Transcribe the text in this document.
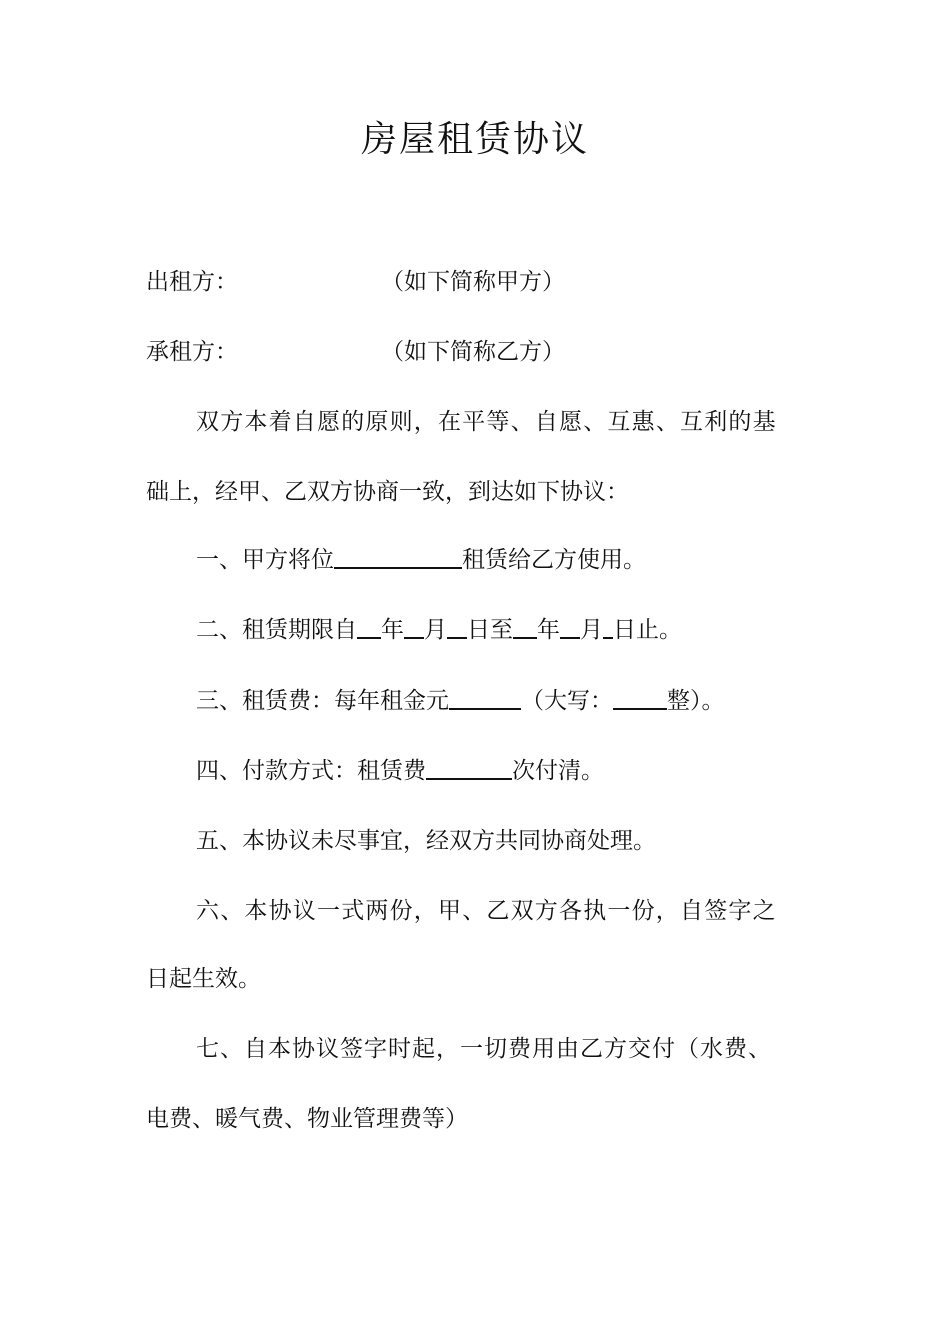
房屋租赁协议
出租方：	（如下简称甲方）
承租方：	（如下简称乙方）
双方本着自愿的原则，在平等、自愿、互惠、互利的基
础上，经甲、乙双方协商一致，到达如下协议：
一、甲方将位	租赁给乙方使用。
二、租赁期限自 年 月 日至 年 月 日止。
三、租赁费：每年租金元	（大写： 整）。
四、付款方式：租赁费	次付清。
五、本协议未尽事宜，经双方共同协商处理。
六、本协议一式两份，甲、乙双方各执一份，自签字之
日起生效。
七、自本协议签字时起，一切费用由乙方交付（水费、
电费、暖气费、物业管理费等）
